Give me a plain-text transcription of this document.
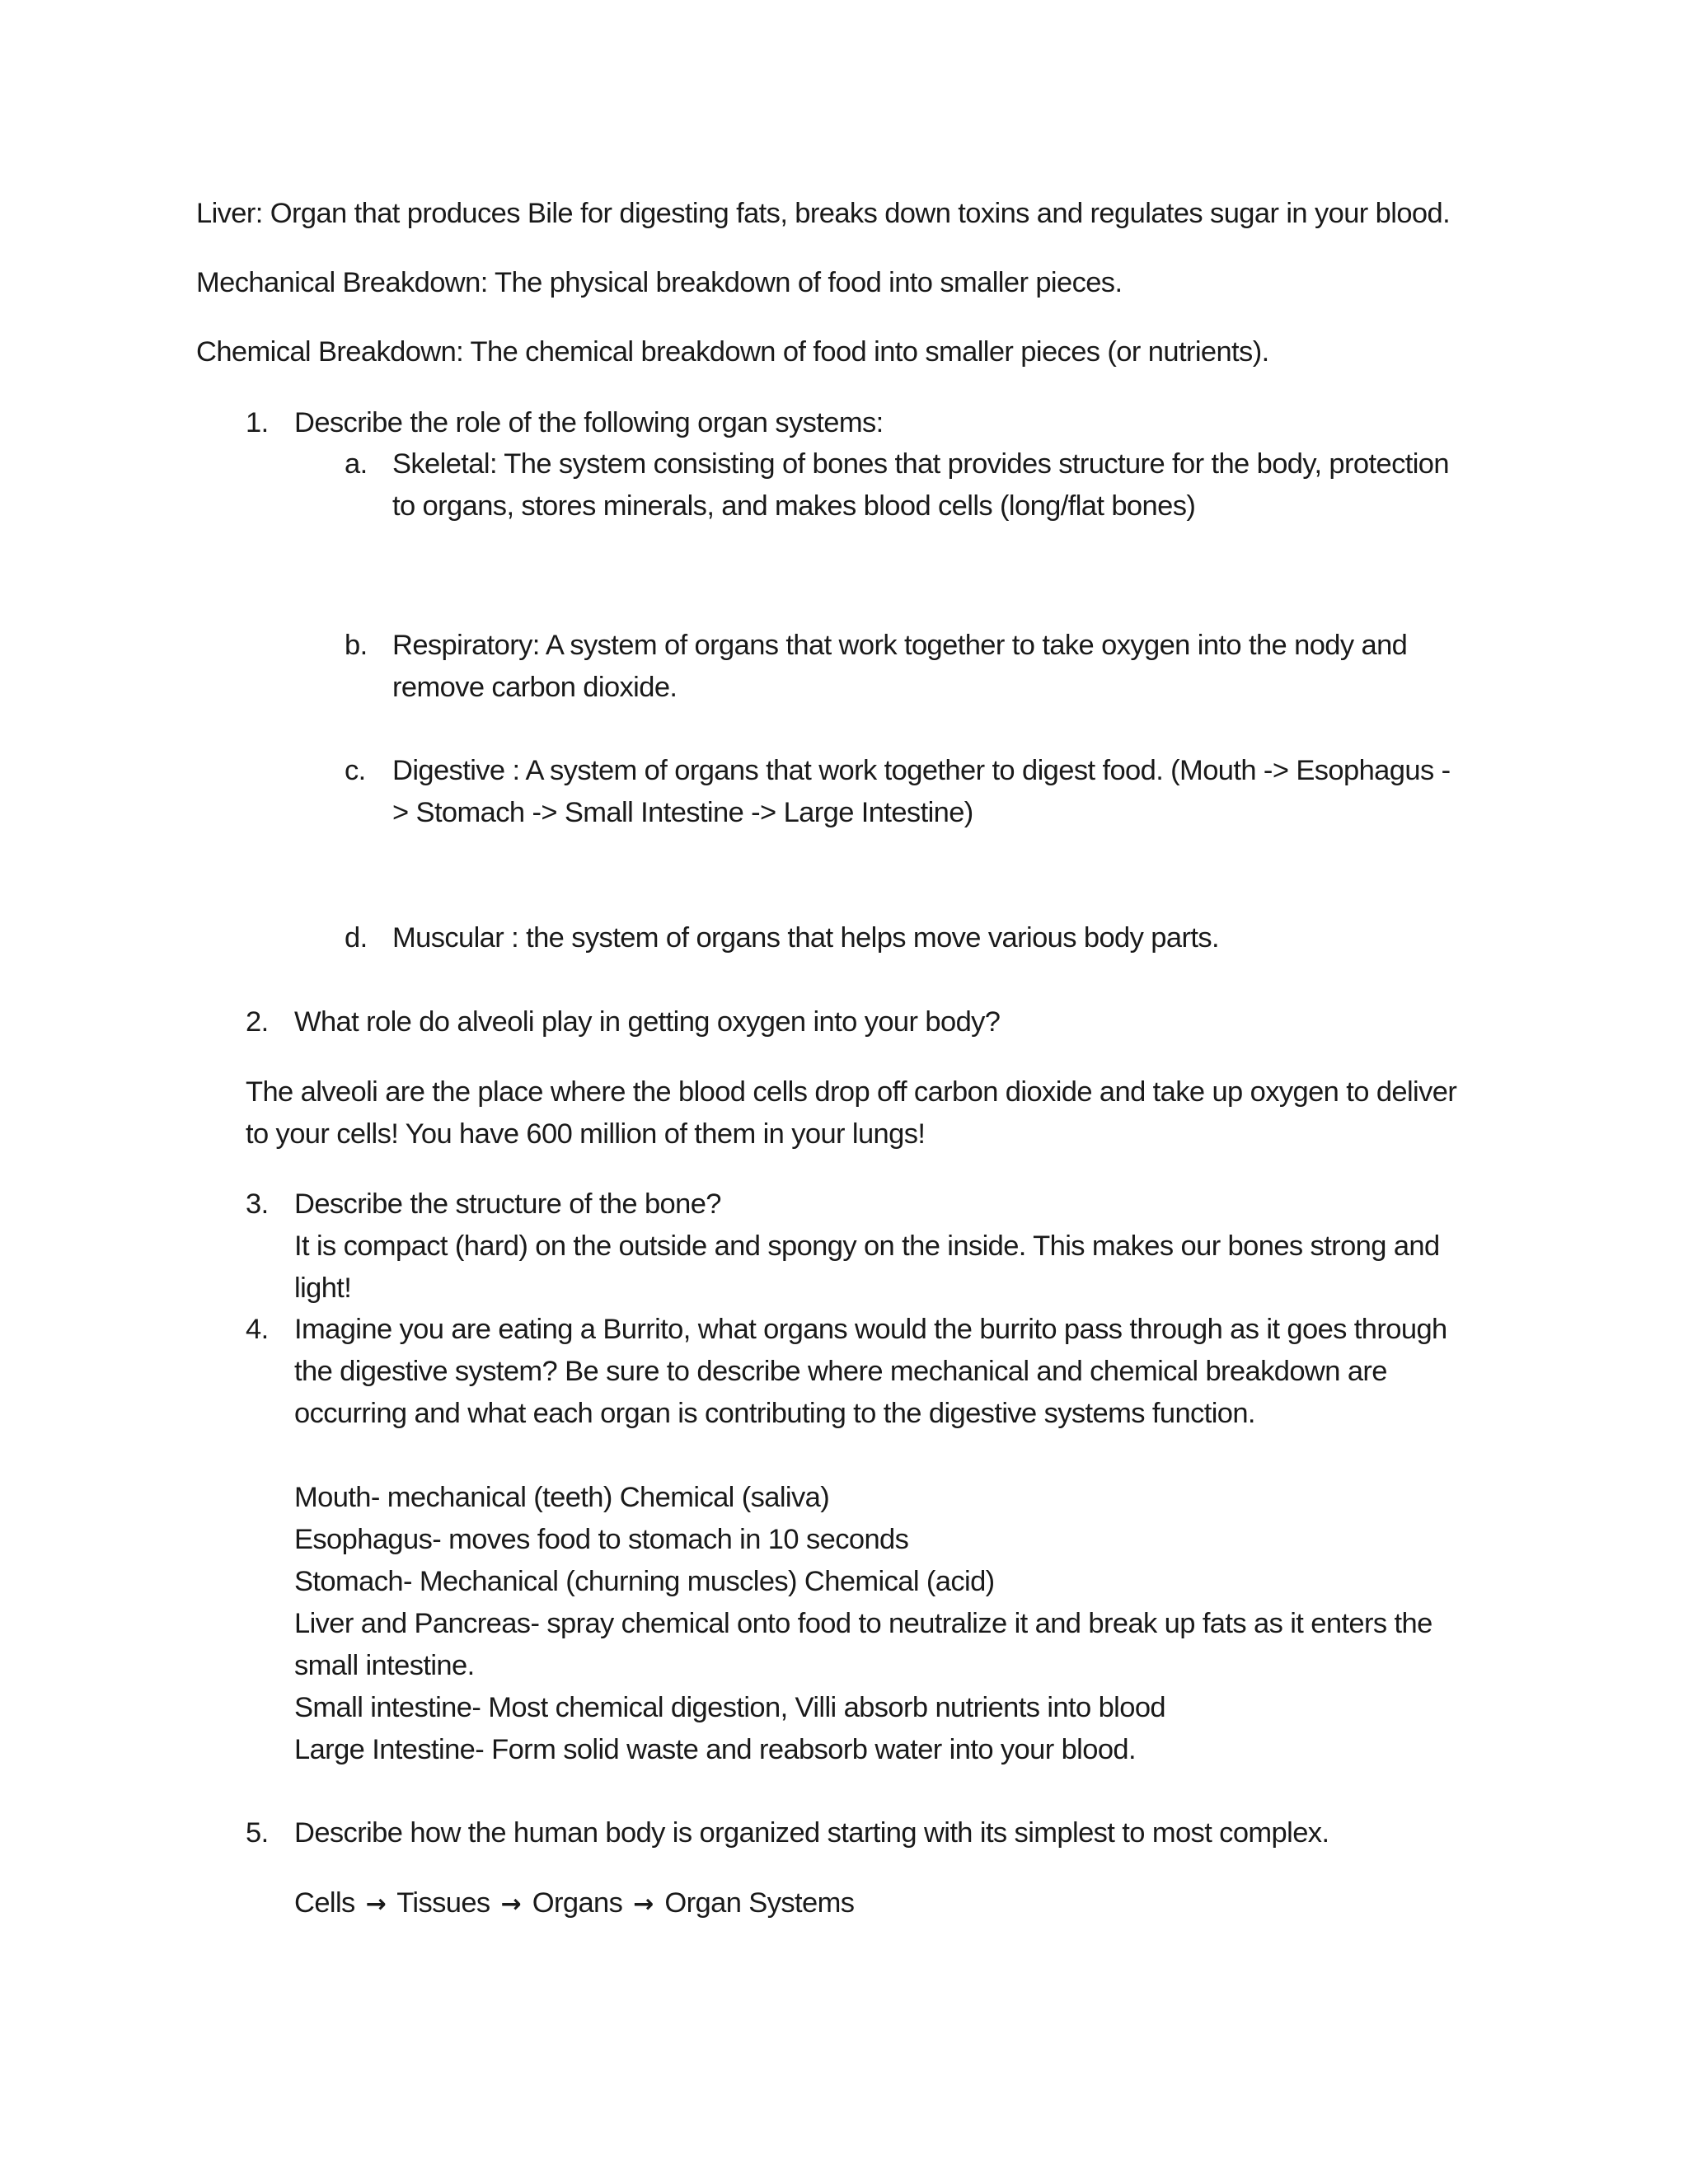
Liver: Organ that produces Bile for digesting fats, breaks down toxins and regulates sugar in your blood.
Mechanical Breakdown: The physical breakdown of food into smaller pieces.
Chemical Breakdown: The chemical breakdown of food into smaller pieces (or nutrients).
1. Describe the role of the following organ systems:
a. Skeletal: The system consisting of bones that provides structure for the body, protection
to organs, stores minerals, and makes blood cells (long/flat bones)
b. Respiratory: A system of organs that work together to take oxygen into the nody and
remove carbon dioxide.
c. Digestive : A system of organs that work together to digest food. (Mouth -> Esophagus -
> Stomach -> Small Intestine -> Large Intestine)
d. Muscular : the system of organs that helps move various body parts.
2. What role do alveoli play in getting oxygen into your body?
The alveoli are the place where the blood cells drop off carbon dioxide and take up oxygen to deliver
to your cells! You have 600 million of them in your lungs!
3. Describe the structure of the bone?
It is compact (hard) on the outside and spongy on the inside. This makes our bones strong and
light!
4. Imagine you are eating a Burrito, what organs would the burrito pass through as it goes through
the digestive system? Be sure to describe where mechanical and chemical breakdown are
occurring and what each organ is contributing to the digestive systems function.
Mouth- mechanical (teeth) Chemical (saliva)
Esophagus- moves food to stomach in 10 seconds
Stomach- Mechanical (churning muscles) Chemical (acid)
Liver and Pancreas- spray chemical onto food to neutralize it and break up fats as it enters the
small intestine.
Small intestine- Most chemical digestion, Villi absorb nutrients into blood
Large Intestine- Form solid waste and reabsorb water into your blood.
5. Describe how the human body is organized starting with its simplest to most complex.
Cells → Tissues → Organs → Organ Systems
